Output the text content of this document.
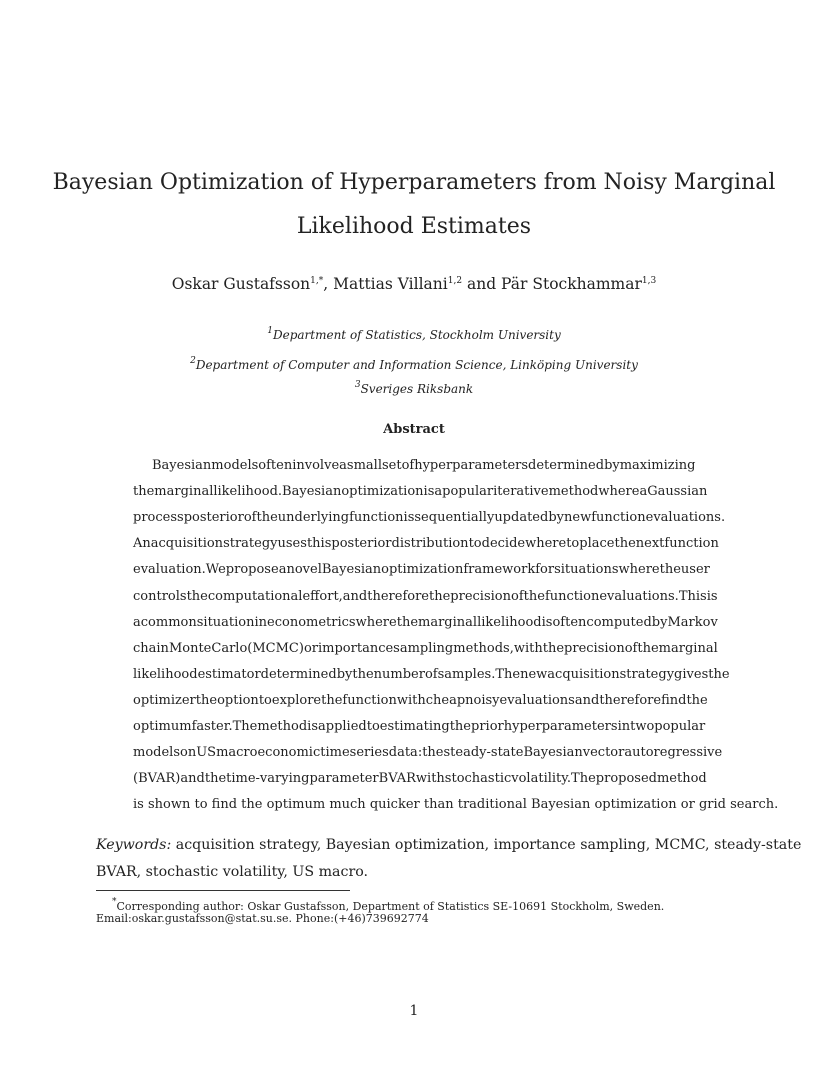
Bayesian Optimization of Hyperparameters from Noisy Marginal
Likelihood Estimates
Oskar Gustafsson$^{1,*}$, Mattias Villani$^{1,2}$ and Pär Stockhammar$^{1,3}$
$^1$Department of Statistics, Stockholm University
$^2$Department of Computer and Information Science, Linköping University
$^3$Sveriges Riksbank
Abstract
Bayesian models often involve a small set of hyperparameters determined by maximizing
the marginal likelihood. Bayesian optimization is a popular iterative method where a Gaussian
process posterior of the underlying function is sequentially updated by new function evaluations.
An acquisition strategy uses this posterior distribution to decide where to place the next function
evaluation. We propose a novel Bayesian optimization framework for situations where the user
controls the computational effort, and therefore the precision of the function evaluations. This is
a common situation in econometrics where the marginal likelihood is often computed by Markov
chain Monte Carlo (MCMC) or importance sampling methods, with the precision of the marginal
likelihood estimator determined by the number of samples. The new acquisition strategy gives the
optimizer the option to explore the function with cheap noisy evaluations and therefore find the
optimum faster. The method is applied to estimating the prior hyperparameters in two popular
models on US macroeconomic time series data: the steady-state Bayesian vector autoregressive
(BVAR) and the time-varying parameter BVAR with stochastic volatility. The proposed method
is shown to find the optimum much quicker than traditional Bayesian optimization or grid search.
Keywords: acquisition strategy, Bayesian optimization, importance sampling, MCMC, steady-state
BVAR, stochastic volatility, US macro.
*Corresponding author: Oskar Gustafsson, Department of Statistics SE-10691 Stockholm, Sweden.
Email:oskar.gustafsson@stat.su.se. Phone:(+46)739692774
1
